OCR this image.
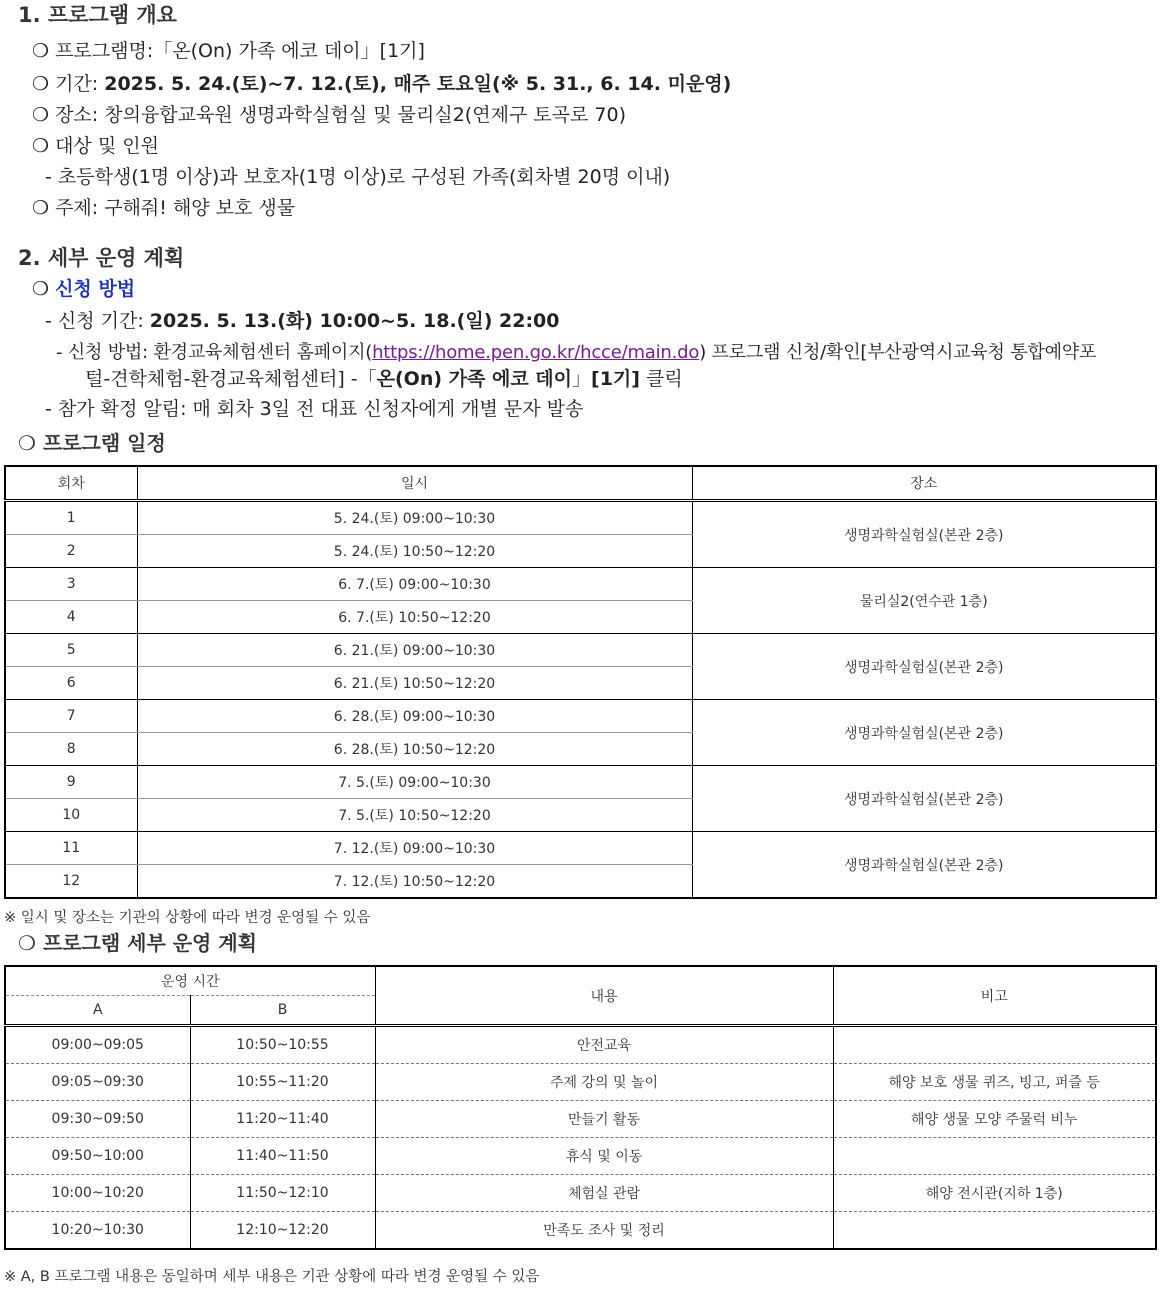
1. 프로그램 개요
❍ 프로그램명:「온(On) 가족 에코 데이」[1기]
❍ 기간: 2025. 5. 24.(토)~7. 12.(토), 매주 토요일(※ 5. 31., 6. 14. 미운영)
❍ 장소: 창의융합교육원 생명과학실험실 및 물리실2(연제구 토곡로 70)
❍ 대상 및 인원
- 초등학생(1명 이상)과 보호자(1명 이상)로 구성된 가족(회차별 20명 이내)
❍ 주제: 구해줘! 해양 보호 생물
2. 세부 운영 계획
❍ 신청 방법
- 신청 기간: 2025. 5. 13.(화) 10:00~5. 18.(일) 22:00
- 신청 방법: 환경교육체험센터 홈페이지(https://home.pen.go.kr/hcce/main.do) 프로그램 신청/확인[부산광역시교육청 통합예약포
털-견학체험-환경교육체험센터] -「온(On) 가족 에코 데이」[1기] 클릭
- 참가 확정 알림: 매 회차 3일 전 대표 신청자에게 개별 문자 발송
❍ 프로그램 일정
회차	일시	장소
1	5. 24.(토) 09:00~10:30	생명과학실험실(본관 2층)
2	5. 24.(토) 10:50~12:20	
3	6. 7.(토) 09:00~10:30	물리실2(연수관 1층)
4	6. 7.(토) 10:50~12:20	
5	6. 21.(토) 09:00~10:30	생명과학실험실(본관 2층)
6	6. 21.(토) 10:50~12:20	
7	6. 28.(토) 09:00~10:30	생명과학실험실(본관 2층)
8	6. 28.(토) 10:50~12:20	
9	7. 5.(토) 09:00~10:30	생명과학실험실(본관 2층)
10	7. 5.(토) 10:50~12:20	
11	7. 12.(토) 09:00~10:30	생명과학실험실(본관 2층)
12	7. 12.(토) 10:50~12:20	
※ 일시 및 장소는 기관의 상황에 따라 변경 운영될 수 있음
❍ 프로그램 세부 운영 계획
운영 시간		내용	비고
A	B		
09:00~09:05	10:50~10:55	안전교육	
09:05~09:30	10:55~11:20	주제 강의 및 놀이	해양 보호 생물 퀴즈, 빙고, 퍼즐 등
09:30~09:50	11:20~11:40	만들기 활동	해양 생물 모양 주물럭 비누
09:50~10:00	11:40~11:50	휴식 및 이동	
10:00~10:20	11:50~12:10	체험실 관람	해양 전시관(지하 1층)
10:20~10:30	12:10~12:20	만족도 조사 및 정리	
※ A, B 프로그램 내용은 동일하며 세부 내용은 기관 상황에 따라 변경 운영될 수 있음
